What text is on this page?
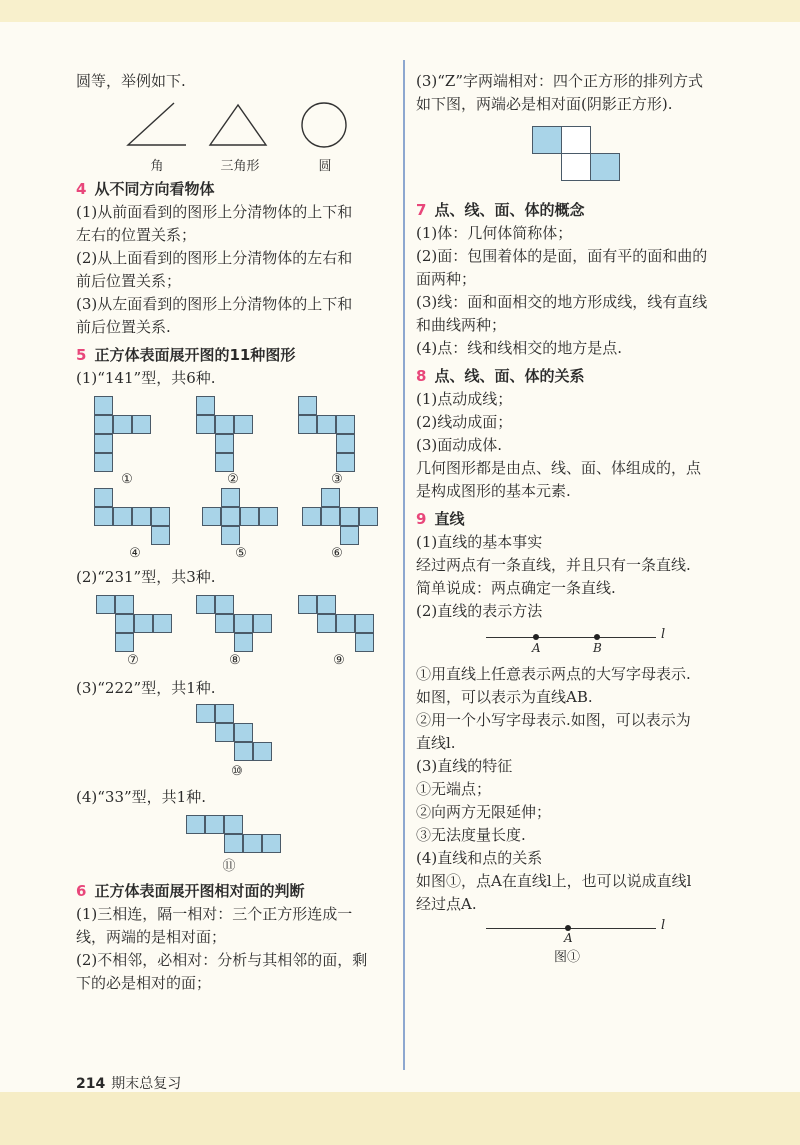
圆等，举例如下.

角	三角形	圆
4 从不同方向看物体

(1)从前面看到的图形上分清物体的上下和

左右的位置关系；

(2)从上面看到的图形上分清物体的左右和

前后位置关系；

(3)从左面看到的图形上分清物体的上下和

前后位置关系.

5 正方体表面展开图的11种图形

(1)“141”型，共6种.

①	②	③
④	⑤	⑥

(2)“231”型，共3种.

⑦	⑧	⑨

(3)“222”型，共1种.

⑩

(4)“33”型，共1种.

⑪
6 正方体表面展开图相对面的判断

(1)三相连，隔一相对：三个正方形连成一

线，两端的是相对面；

(2)不相邻，必相对：分析与其相邻的面，剩

下的必是相对的面；

(3)“Z”字两端相对：四个正方形的排列方式

如下图，两端必是相对面(阴影正方形).

7 点、线、面、体的概念

(1)体：几何体简称体；

(2)面：包围着体的是面，面有平的面和曲的

面两种；

(3)线：面和面相交的地方形成线，线有直线

和曲线两种；

(4)点：线和线相交的地方是点.

8 点、线、面、体的关系

(1)点动成线；

(2)线动成面；

(3)面动成体.

几何图形都是由点、线、面、体组成的，点

是构成图形的基本元素.

9 直线

(1)直线的基本事实

经过两点有一条直线，并且只有一条直线.

简单说成：两点确定一条直线.

(2)直线的表示方法

A	B
l

①用直线上任意表示两点的大写字母表示.

如图，可以表示为直线AB.

②用一个小写字母表示.如图，可以表示为

直线l.

(3)直线的特征

①无端点；

②向两方无限延伸；

③无法度量长度.

(4)直线和点的关系

如图①，点A在直线l上，也可以说成直线l

经过点A.

A
l
图①
214 期末总复习
